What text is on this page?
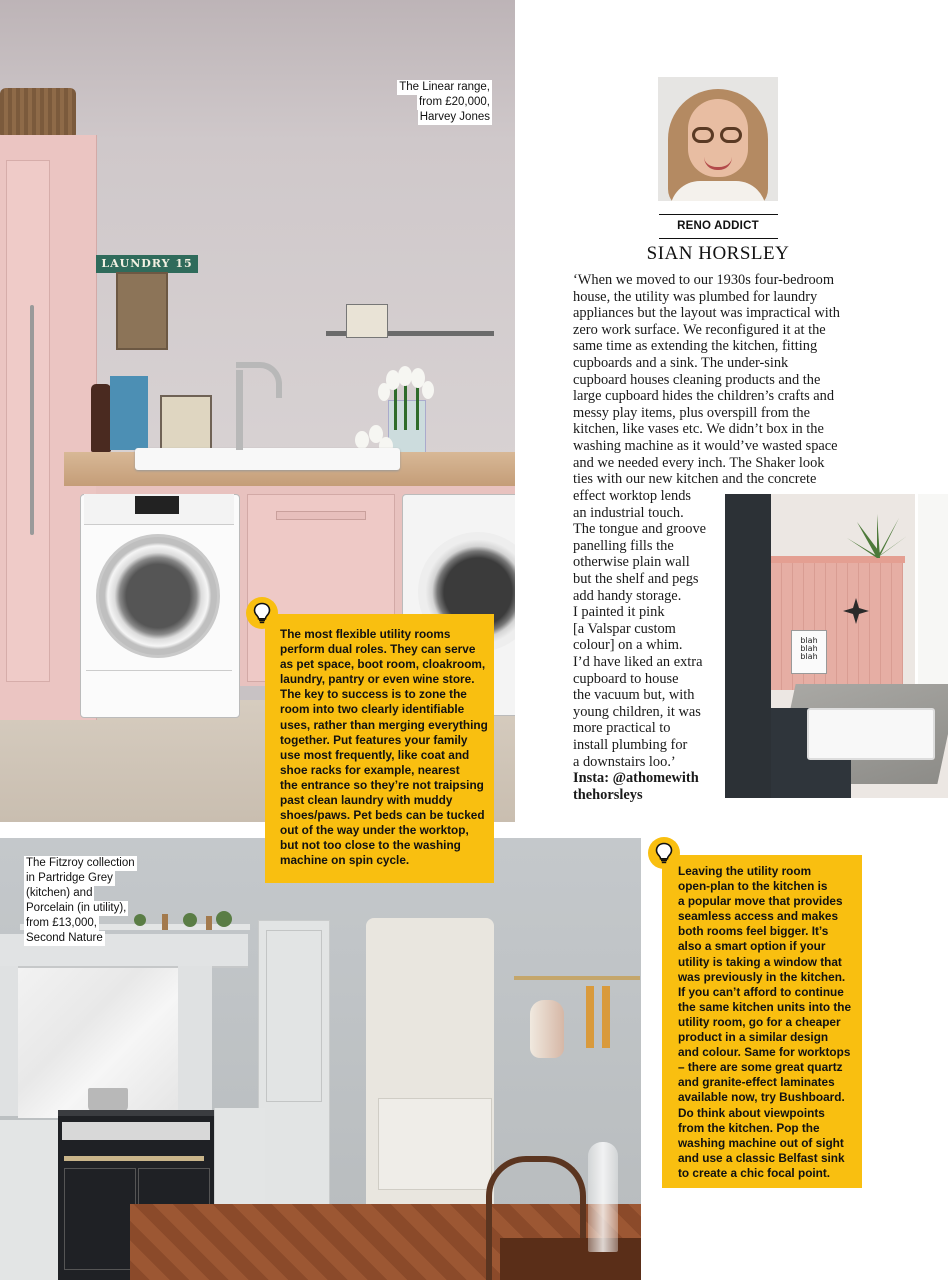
LAUNDRY 15
The Linear range,
from £20,000,
Harvey Jones
RENO ADDICT
SIAN HORSLEY
‘When we moved to our 1930s four-bedroom
house, the utility was plumbed for laundry
appliances but the layout was impractical with
zero work surface. We reconfigured it at the
same time as extending the kitchen, fitting
cupboards and a sink. The under-sink
cupboard houses cleaning products and the
large cupboard hides the children’s crafts and
messy play items, plus overspill from the
kitchen, like vases etc. We didn’t box in the
washing machine as it would’ve wasted space
and we needed every inch. The Shaker look
ties with our new kitchen and the concrete
effect worktop lends
an industrial touch.
The tongue and groove
panelling fills the
otherwise plain wall
but the shelf and pegs
add handy storage.
I painted it pink
[a Valspar custom
colour] on a whim.
I’d have liked an extra
cupboard to house
the vacuum but, with
young children, it was
more practical to
install plumbing for
a downstairs loo.’
Insta: @athomewith
thehorsleys
blah
blah
blah
The Fitzroy collection
in Partridge Grey
(kitchen) and
Porcelain (in utility),
from £13,000,
Second Nature
The most flexible utility rooms
perform dual roles. They can serve
as pet space, boot room, cloakroom,
laundry, pantry or even wine store.
The key to success is to zone the
room into two clearly identifiable
uses, rather than merging everything
together. Put features your family
use most frequently, like coat and
shoe racks for example, nearest
the entrance so they’re not traipsing
past clean laundry with muddy
shoes/paws. Pet beds can be tucked
out of the way under the worktop,
but not too close to the washing
machine on spin cycle.
Leaving the utility room
open-plan to the kitchen is
a popular move that provides
seamless access and makes
both rooms feel bigger. It’s
also a smart option if your
utility is taking a window that
was previously in the kitchen.
If you can’t afford to continue
the same kitchen units into the
utility room, go for a cheaper
product in a similar design
and colour. Same for worktops
– there are some great quartz
and granite-effect laminates
available now, try Bushboard.
Do think about viewpoints
from the kitchen. Pop the
washing machine out of sight
and use a classic Belfast sink
to create a chic focal point.
